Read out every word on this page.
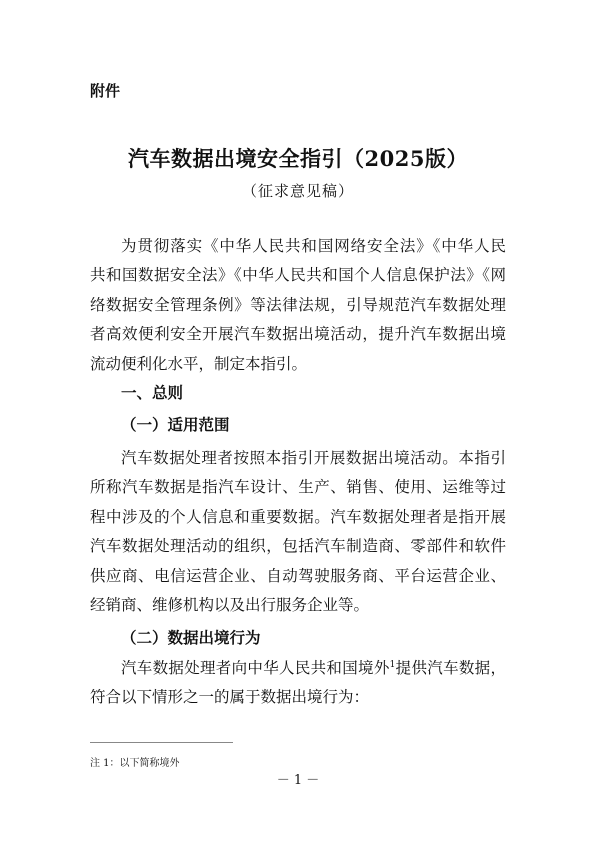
附件
汽车数据出境安全指引（2025版）
（征求意见稿）
为贯彻落实《中华人民共和国网络安全法》《中华人民
共和国数据安全法》《中华人民共和国个人信息保护法》《网
络数据安全管理条例》等法律法规，引导规范汽车数据处理
者高效便利安全开展汽车数据出境活动，提升汽车数据出境
流动便利化水平，制定本指引。
一、总则
（一）适用范围
汽车数据处理者按照本指引开展数据出境活动。本指引
所称汽车数据是指汽车设计、生产、销售、使用、运维等过
程中涉及的个人信息和重要数据。汽车数据处理者是指开展
汽车数据处理活动的组织，包括汽车制造商、零部件和软件
供应商、电信运营企业、自动驾驶服务商、平台运营企业、
经销商、维修机构以及出行服务企业等。
（二）数据出境行为
汽车数据处理者向中华人民共和国境外$^1$提供汽车数据，
符合以下情形之一的属于数据出境行为：
注 1：以下简称境外
－ 1 －
